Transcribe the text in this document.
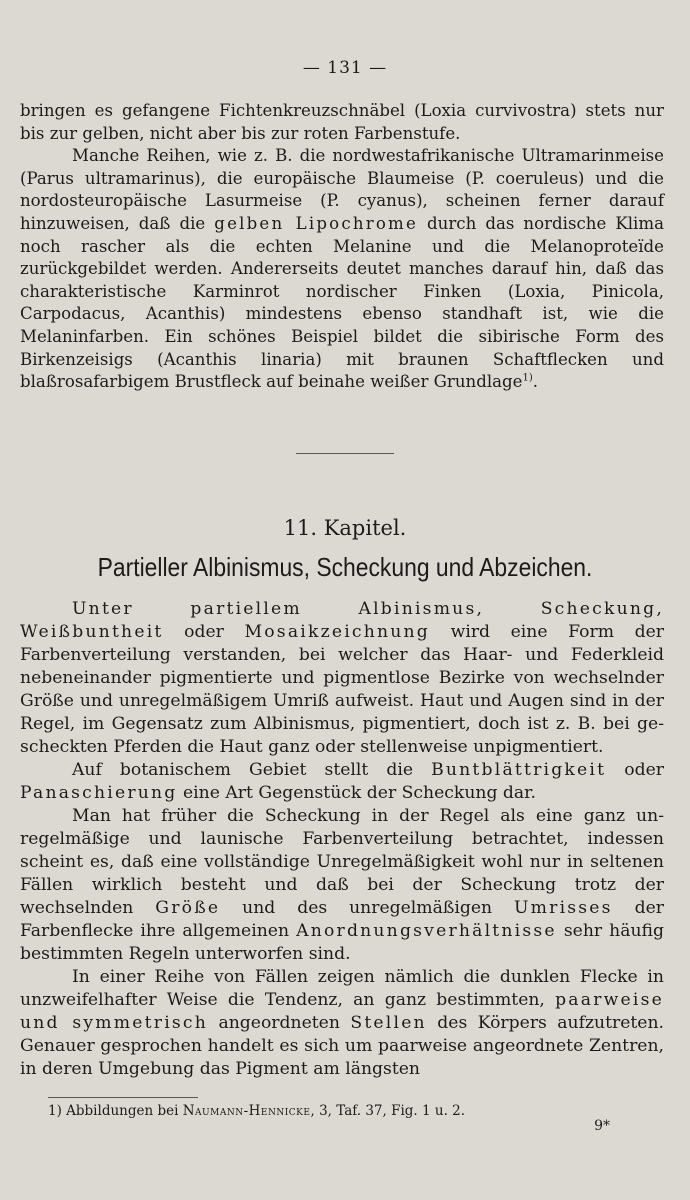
— 131 —

bringen es gefangene Fichtenkreuzschnäbel (Loxia curvivostra) stets nur bis zur gelben, nicht aber bis zur roten Farbenstufe.

Manche Reihen, wie z. B. die nordwestafrikanische Ultramarinmeise (Parus ultramarinus), die europäische Blaumeise (P. coeruleus) und die nordosteuropäische Lasurmeise (P. cyanus), scheinen ferner darauf hinzuweisen, daß die gelben Lipochrome durch das nordische Klima noch rascher als die echten Melanine und die Melanoproteïde zurückgebildet werden. Andererseits deutet manches darauf hin, daß das charakteristische Karminrot nordischer Finken (Loxia, Pinicola, Carpodacus, Acanthis) mindestens ebenso standhaft ist, wie die Melaninfarben. Ein schönes Beispiel bildet die sibirische Form des Birkenzeisigs (Acanthis linaria) mit braunen Schaftflecken und blaßrosafarbigem Brustfleck auf beinahe weißer Grundlage$^{1)}$.

11. Kapitel.
Partieller Albinismus, Scheckung und Abzeichen.

Unter partiellem Albinismus, Scheckung, Weißbuntheit oder Mosaikzeichnung wird eine Form der Farbenverteilung verstanden, bei welcher das Haar- und Federkleid nebeneinander pigmentierte und pigmentlose Bezirke von wechselnder Größe und unregelmäßigem Umriß aufweist. Haut und Augen sind in der Regel, im Gegensatz zum Albinismus, pigmentiert, doch ist z. B. bei gescheckten Pferden die Haut ganz oder stellenweise unpigmentiert.

Auf botanischem Gebiet stellt die Buntblättrigkeit oder Panaschierung eine Art Gegenstück der Scheckung dar.

Man hat früher die Scheckung in der Regel als eine ganz unregelmäßige und launische Farbenverteilung betrachtet, indessen scheint es, daß eine vollständige Unregelmäßigkeit wohl nur in seltenen Fällen wirklich besteht und daß bei der Scheckung trotz der wechselnden Größe und des unregelmäßigen Umrisses der Farbenflecke ihre allgemeinen Anordnungsverhältnisse sehr häufig bestimmten Regeln unterworfen sind.

In einer Reihe von Fällen zeigen nämlich die dunklen Flecke in unzweifelhafter Weise die Tendenz, an ganz bestimmten, paarweise und symmetrisch angeordneten Stellen des Körpers aufzutreten. Genauer gesprochen handelt es sich um paarweise angeordnete Zentren, in deren Umgebung das Pigment am längsten

1) Abbildungen bei Naumann-Hennicke, 3, Taf. 37, Fig. 1 u. 2.
9*
